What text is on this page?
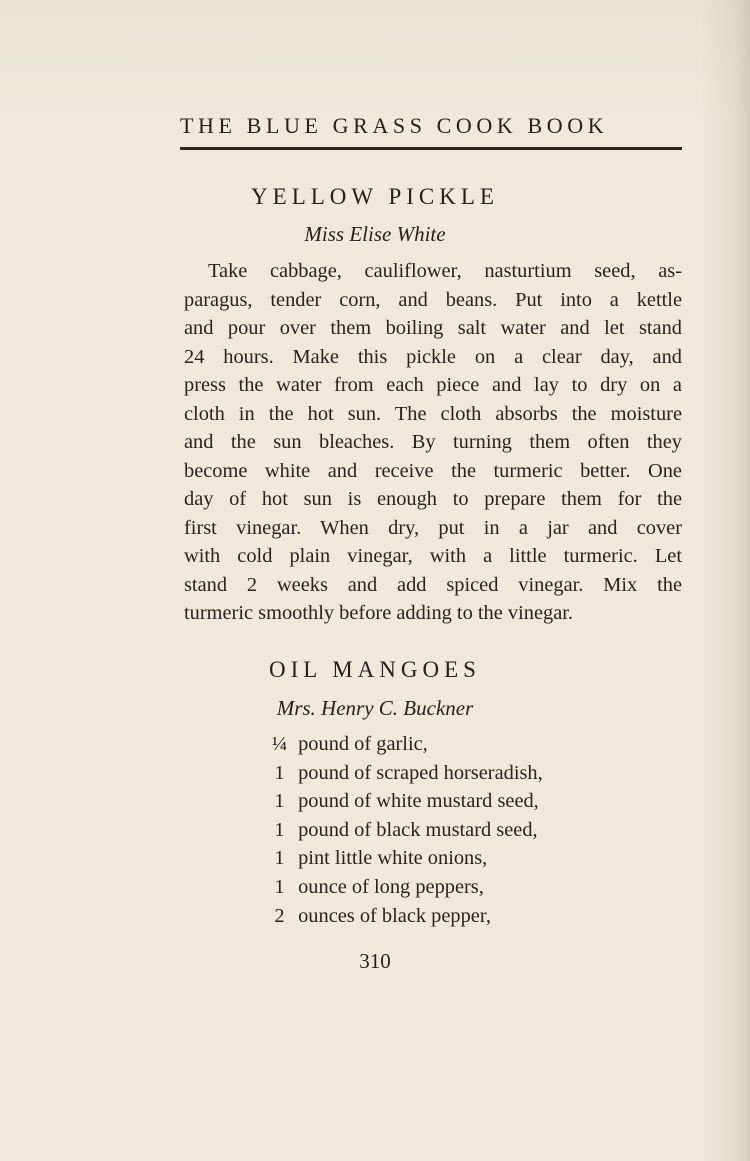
THE BLUE GRASS COOK BOOK
YELLOW PICKLE
Miss Elise White
Take cabbage, cauliflower, nasturtium seed, as-
paragus, tender corn, and beans. Put into a kettle
and pour over them boiling salt water and let stand
24 hours. Make this pickle on a clear day, and
press the water from each piece and lay to dry on a
cloth in the hot sun. The cloth absorbs the moisture
and the sun bleaches. By turning them often they
become white and receive the turmeric better. One
day of hot sun is enough to prepare them for the
first vinegar. When dry, put in a jar and cover
with cold plain vinegar, with a little turmeric. Let
stand 2 weeks and add spiced vinegar. Mix the
turmeric smoothly before adding to the vinegar.
OIL MANGOES
Mrs. Henry C. Buckner
¼ pound of garlic,
1 pound of scraped horseradish,
1 pound of white mustard seed,
1 pound of black mustard seed,
1 pint little white onions,
1 ounce of long peppers,
2 ounces of black pepper,
310
